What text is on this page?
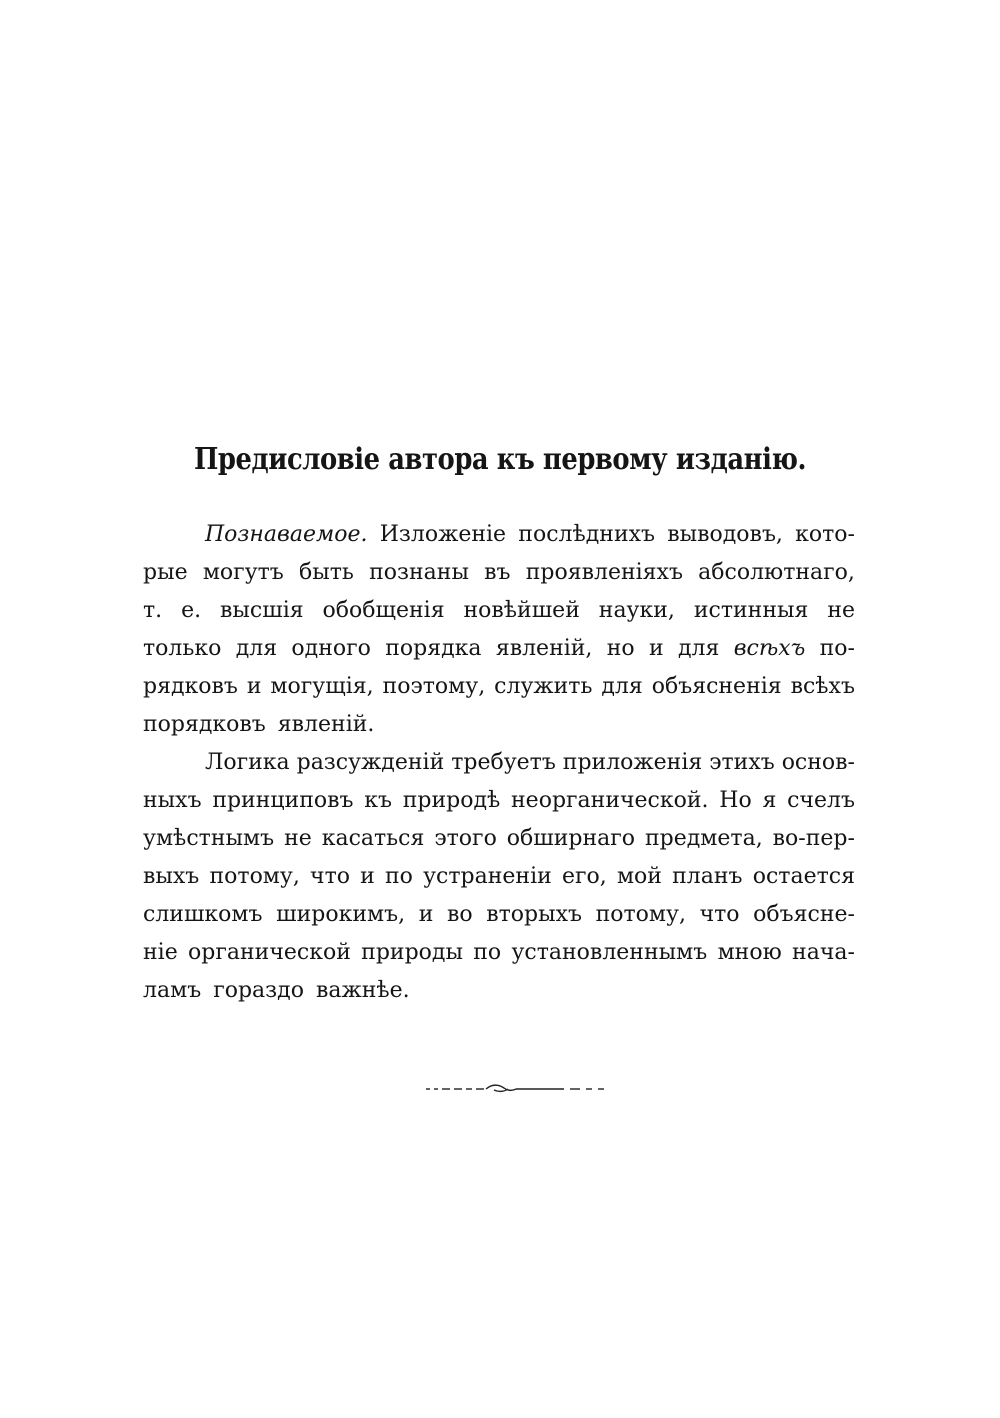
Предисловіе автора къ первому изданію.
Познаваемое. Изложеніе послѣднихъ выводовъ, кото-
рые могутъ быть познаны въ проявленіяхъ абсолютнаго,
т. е. высшія обобщенія новѣйшей науки, истинныя не
только для одного порядка явленій, но и для всѣхъ по-
рядковъ и могущія, поэтому, служить для объясненія всѣхъ
порядковъ явленій.
Логика разсужденій требуетъ приложенія этихъ основ-
ныхъ принциповъ къ природѣ неорганической. Но я счелъ
умѣстнымъ не касаться этого обширнаго предмета, во-пер-
выхъ потому, что и по устраненіи его, мой планъ остается
слишкомъ широкимъ, и во вторыхъ потому, что объясне-
ніе органической природы по установленнымъ мною нача-
ламъ гораздо важнѣе.
